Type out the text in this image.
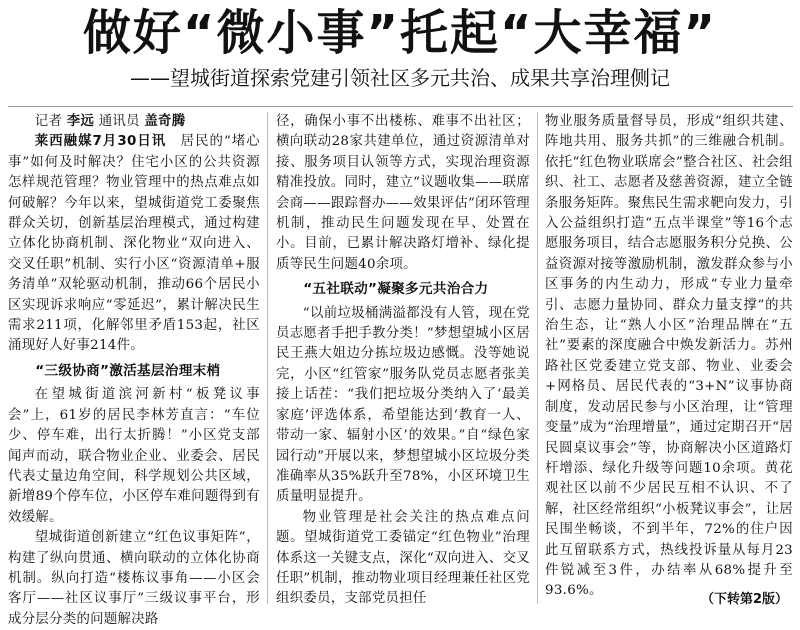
做好“微小事”托起“大幸福”
——望城街道探索党建引领社区多元共治、成果共享治理侧记

记者 李远 通讯员 盖奇腾

莱西融媒7月30日讯  居民的“堵心事”如何及时解决？住宅小区的公共资源怎样规范管理？物业管理中的热点难点如何破解？今年以来，望城街道党工委聚焦群众关切，创新基层治理模式，通过构建立体化协商机制、深化物业“双向进入、交叉任职”机制、实行小区“资源清单+服务清单”双轮驱动机制，推动66个居民小区实现诉求响应“零延迟”，累计解决民生需求211项，化解邻里矛盾153起，社区涌现好人好事214件。

“三级协商”激活基层治理末梢

在望城街道滨河新村“板凳议事会”上，61岁的居民李林芳直言：“车位少、停车难，出行太折腾！”小区党支部闻声而动，联合物业企业、业委会、居民代表丈量边角空间，科学规划公共区域，新增89个停车位，小区停车难问题得到有效缓解。

望城街道创新建立“红色议事矩阵”，构建了纵向贯通、横向联动的立体化协商机制。纵向打造“楼栋议事角——小区会客厅——社区议事厅”三级议事平台，形成分层分类的问题解决路

径，确保小事不出楼栋、难事不出社区；横向联动28家共建单位，通过资源清单对接、服务项目认领等方式，实现治理资源精准投放。同时，建立“议题收集——联席会商——跟踪督办——效果评估”闭环管理机制，推动民生问题发现在早、处置在小。目前，已累计解决路灯增补、绿化提质等民生问题40余项。

“五社联动”凝聚多元共治合力

“以前垃圾桶满溢都没有人管，现在党员志愿者手把手教分类！”梦想望城小区居民王燕大姐边分拣垃圾边感慨。没等她说完，小区“红管家”服务队党员志愿者张美接上话茬：“我们把垃圾分类纳入了‘最美家庭’评选体系，希望能达到‘教育一人、带动一家、辐射小区’的效果。”自“绿色家园行动”开展以来，梦想望城小区垃圾分类准确率从35%跃升至78%，小区环境卫生质量明显提升。

物业管理是社会关注的热点难点问题。望城街道党工委锚定“红色物业”治理体系这一关键支点，深化“双向进入、交叉任职”机制，推动物业项目经理兼任社区党组织委员，支部党员担任

物业服务质量督导员，形成“组织共建、阵地共用、服务共抓”的三维融合机制。依托“红色物业联席会”整合社区、社会组织、社工、志愿者及慈善资源，建立全链条服务矩阵。聚焦民生需求靶向发力，引入公益组织打造“五点半课堂”等16个志愿服务项目，结合志愿服务积分兑换、公益资源对接等激励机制，激发群众参与小区事务的内生动力，形成“专业力量牵引、志愿力量协同、群众力量支撑”的共治生态，让“熟人小区”治理品牌在“五社”要素的深度融合中焕发新活力。苏州路社区党委建立党支部、物业、业委会+网格员、居民代表的“3+N”议事协商制度，发动居民参与小区治理，让“管理变量”成为“治理增量”，通过定期召开“居民圆桌议事会”等，协商解决小区道路灯杆增添、绿化升级等问题10余项。黄花观社区以前不少居民互相不认识、不了解，社区经常组织“小板凳议事会”，让居民围坐畅谈，不到半年，72%的住户因此互留联系方式，热线投诉量从每月23件锐减至3件，办结率从68%提升至93.6%。

（下转第2版）
